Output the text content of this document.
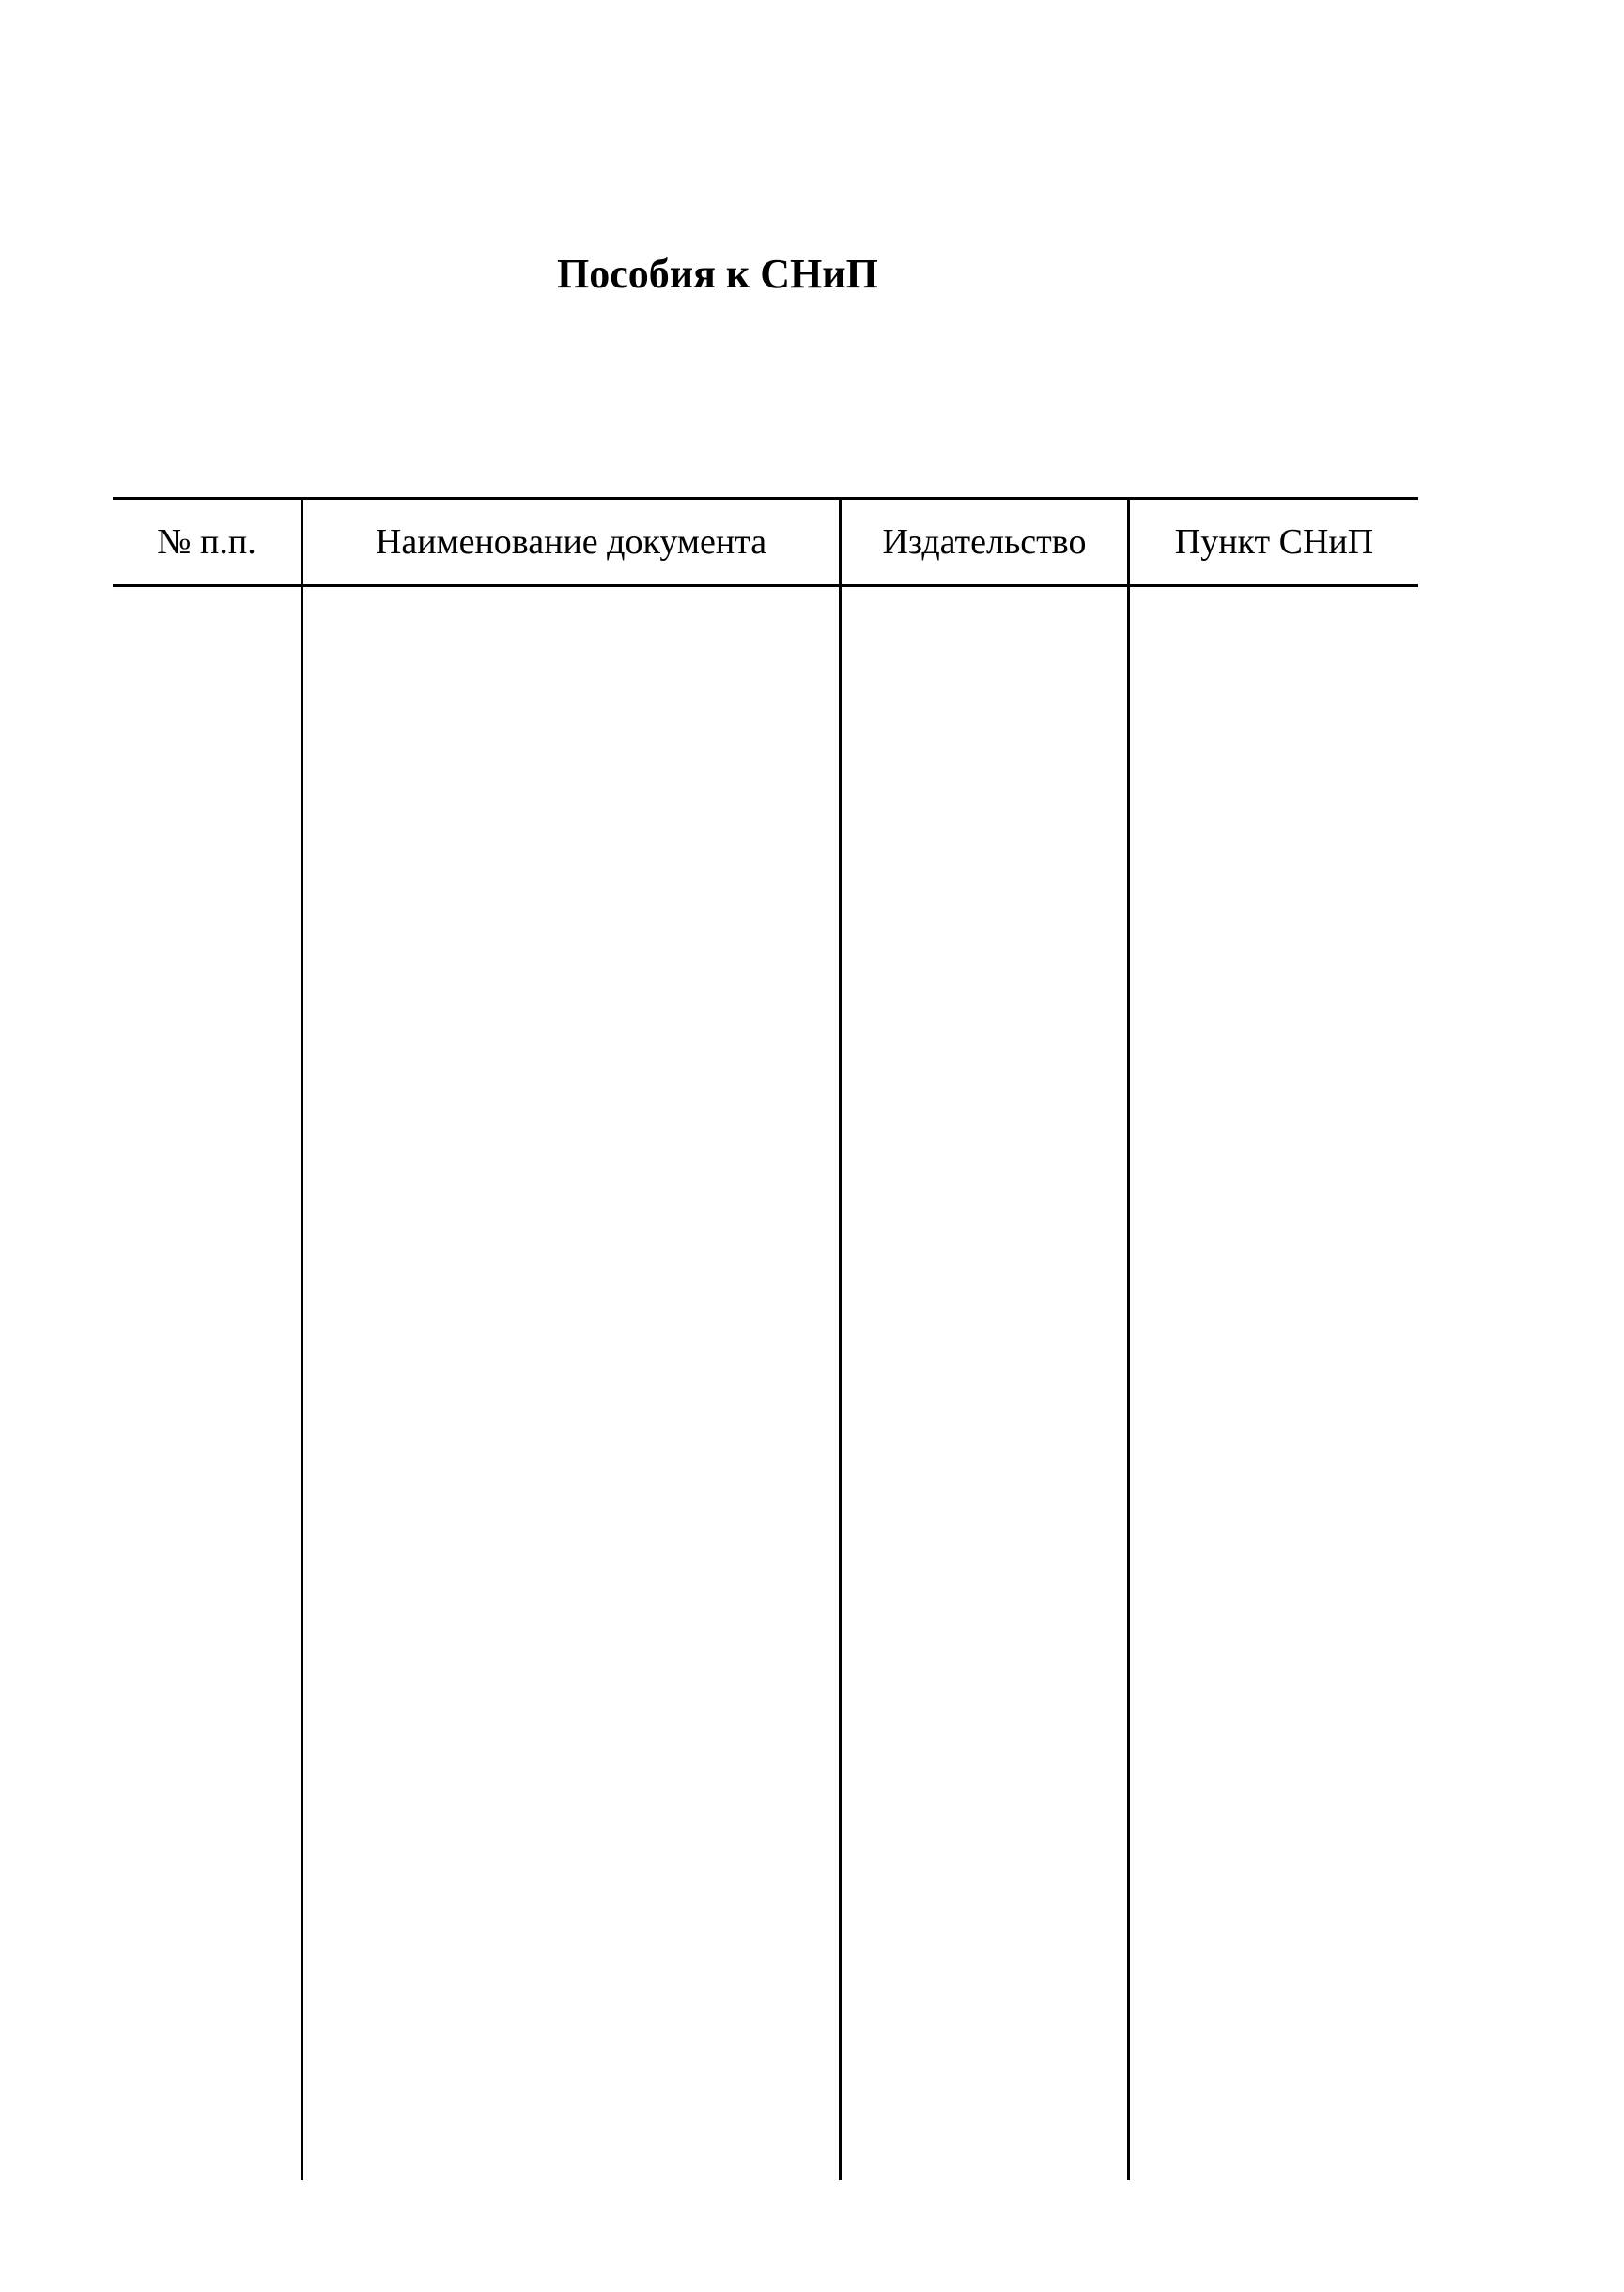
Пособия к СНиП
№ п.п.	Наименование документа	Издательство	Пункт СНиП
